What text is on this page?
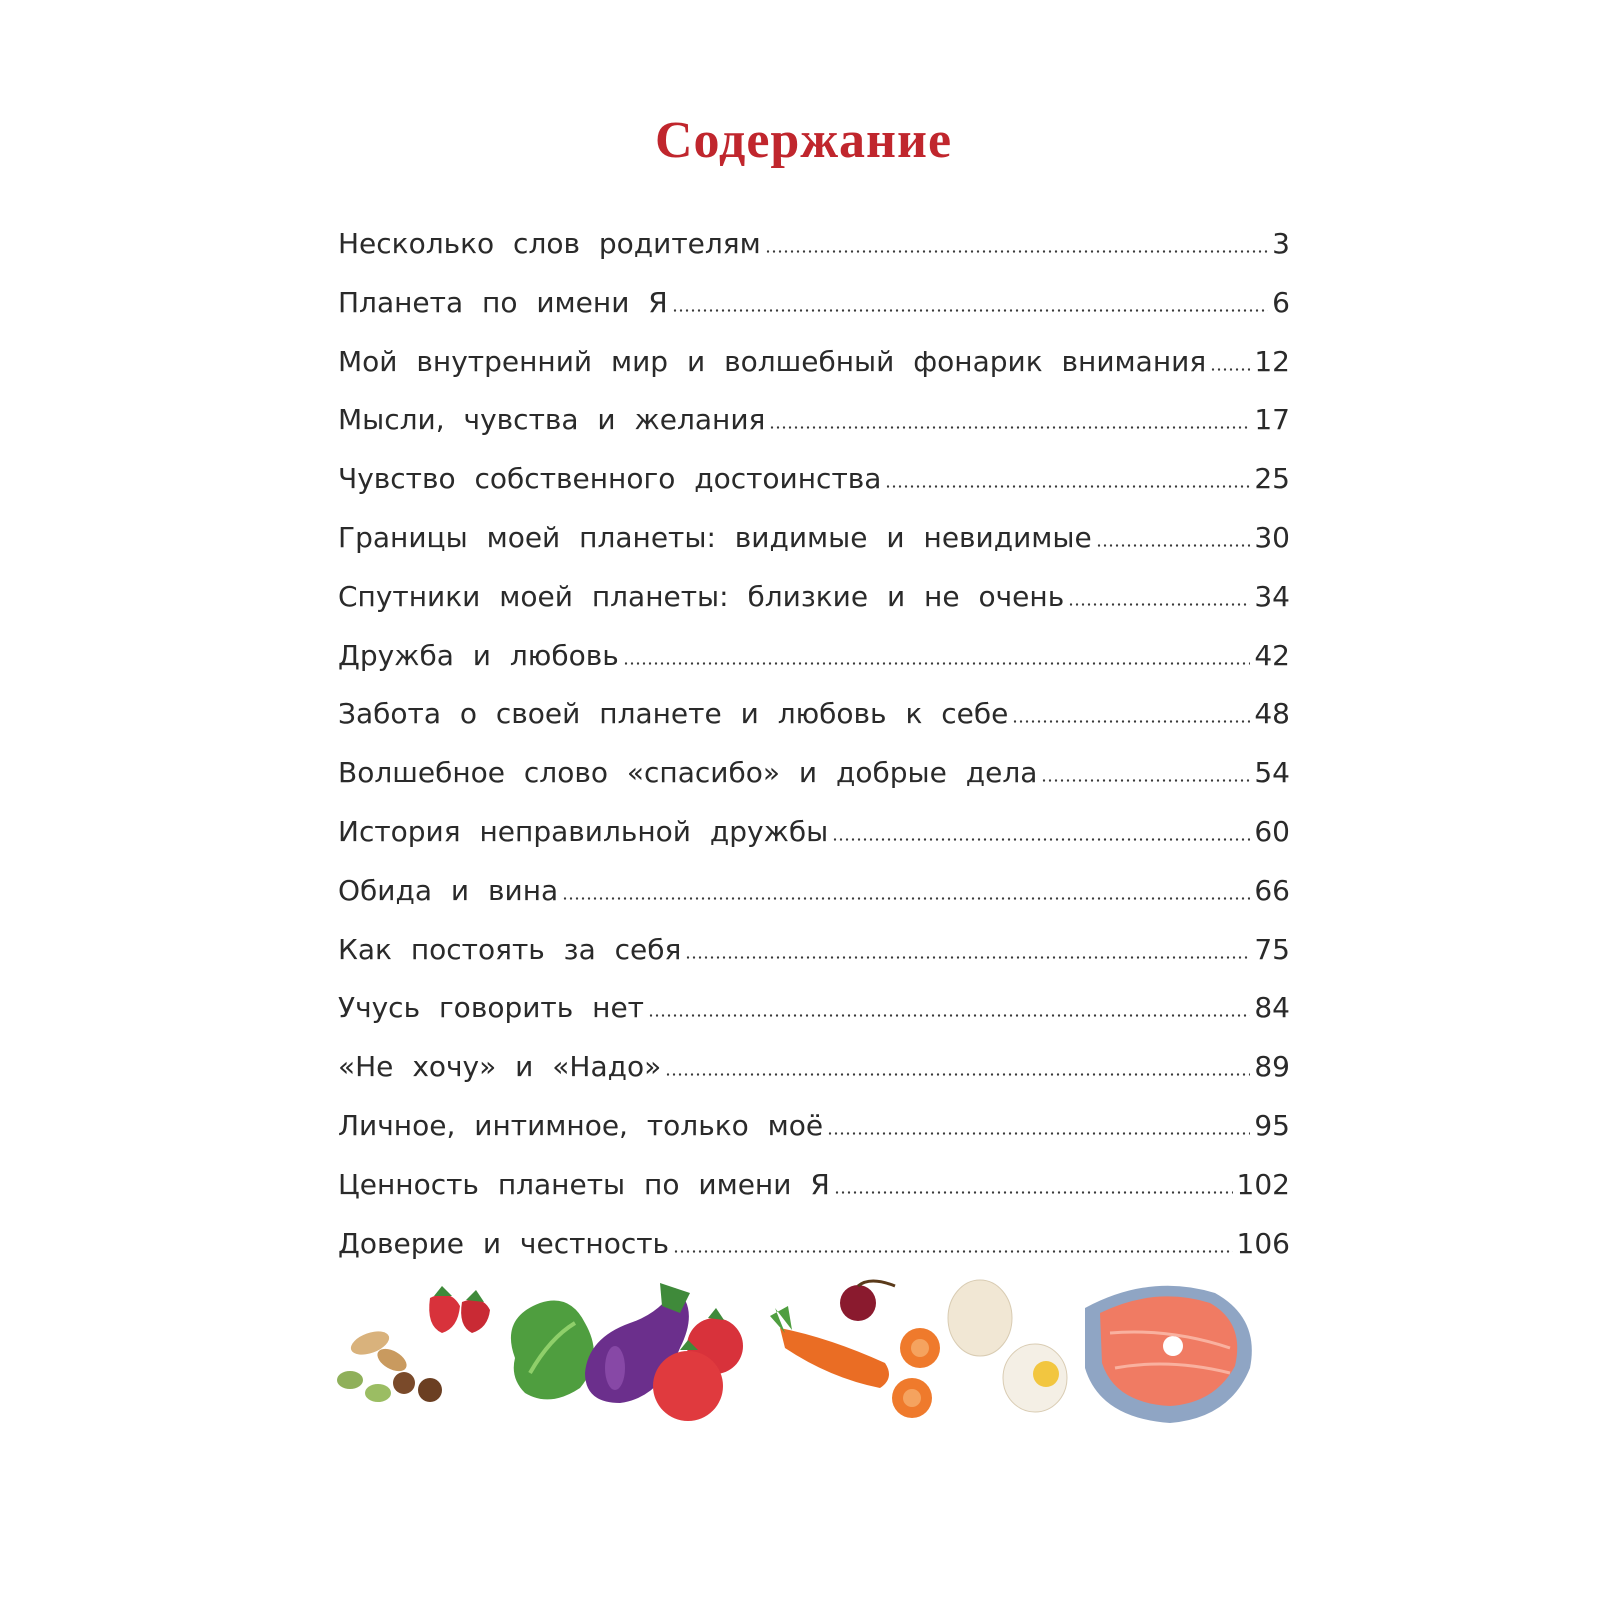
Содержание
Несколько слов родителям	3
Планета по имени Я	6
Мой внутренний мир и волшебный фонарик внимания 12
Мысли, чувства и желания	17
Чувство собственного достоинства	25
Границы моей планеты: видимые и невидимые	30
Спутники моей планеты: близкие и не очень	34
Дружба и любовь	42
Забота о своей планете и любовь к себе	48
Волшебное слово «спасибо» и добрые дела	54
История неправильной дружбы	60
Обида и вина	66
Как постоять за себя	75
Учусь говорить нет	84
«Не хочу» и «Надо»	89
Личное, интимное, только моё	95
Ценность планеты по имени Я	102
Доверие и честность	106
